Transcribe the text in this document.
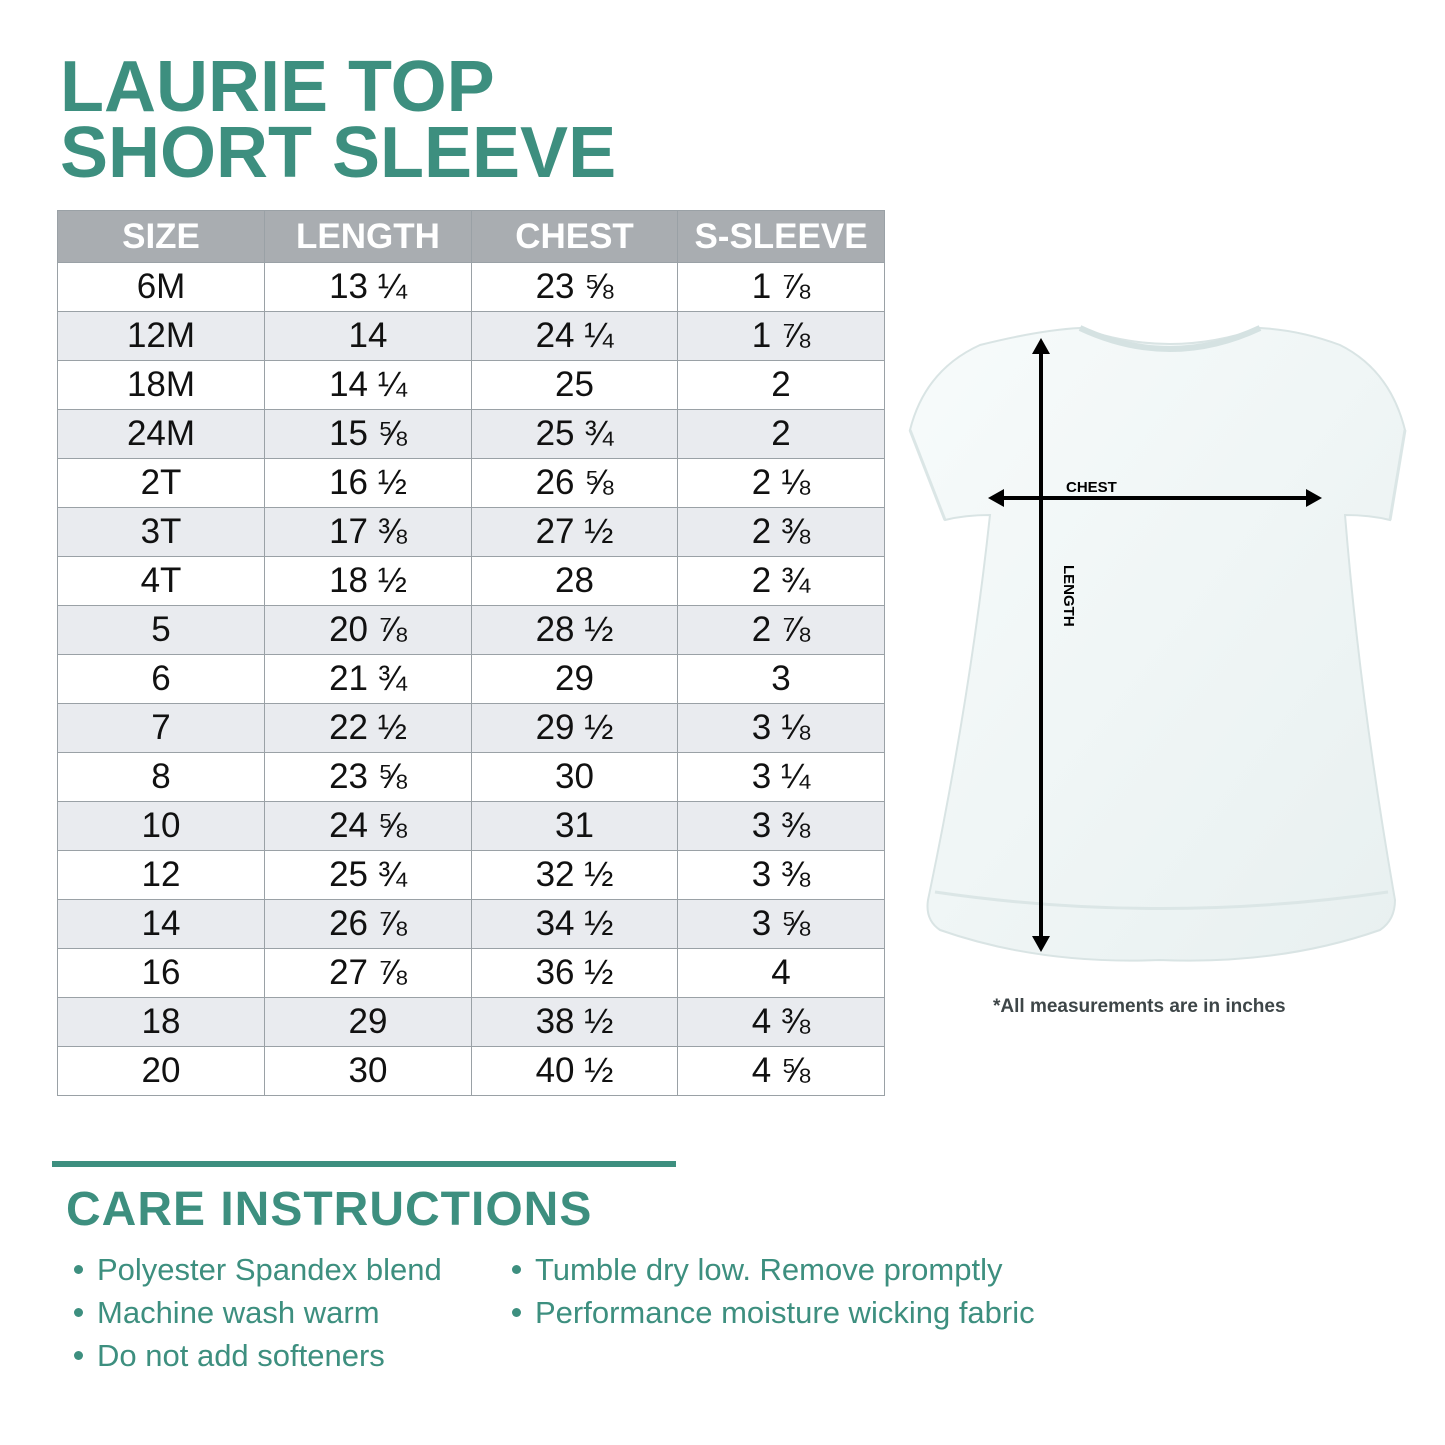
LAURIE TOP
SHORT SLEEVE
SIZE	LENGTH	CHEST	S-SLEEVE
6M	13 ¼	23 ⅝	1 ⅞
12M	14	24 ¼	1 ⅞
18M	14 ¼	25	2
24M	15 ⅝	25 ¾	2
2T	16 ½	26 ⅝	2 ⅛
3T	17 ⅜	27 ½	2 ⅜
4T	18 ½	28	2 ¾
5	20 ⅞	28 ½	2 ⅞
6	21 ¾	29	3
7	22 ½	29 ½	3 ⅛
8	23 ⅝	30	3 ¼
10	24 ⅝	31	3 ⅜
12	25 ¾	32 ½	3 ⅜
14	26 ⅞	34 ½	3 ⅝
16	27 ⅞	36 ½	4
18	29	38 ½	4 ⅜
20	30	40 ½	4 ⅝
CHEST
LENGTH
*All measurements are in inches
CARE INSTRUCTIONS
Polyester Spandex blend
Machine wash warm
Do not add softeners
Tumble dry low. Remove promptly
Performance moisture wicking fabric
